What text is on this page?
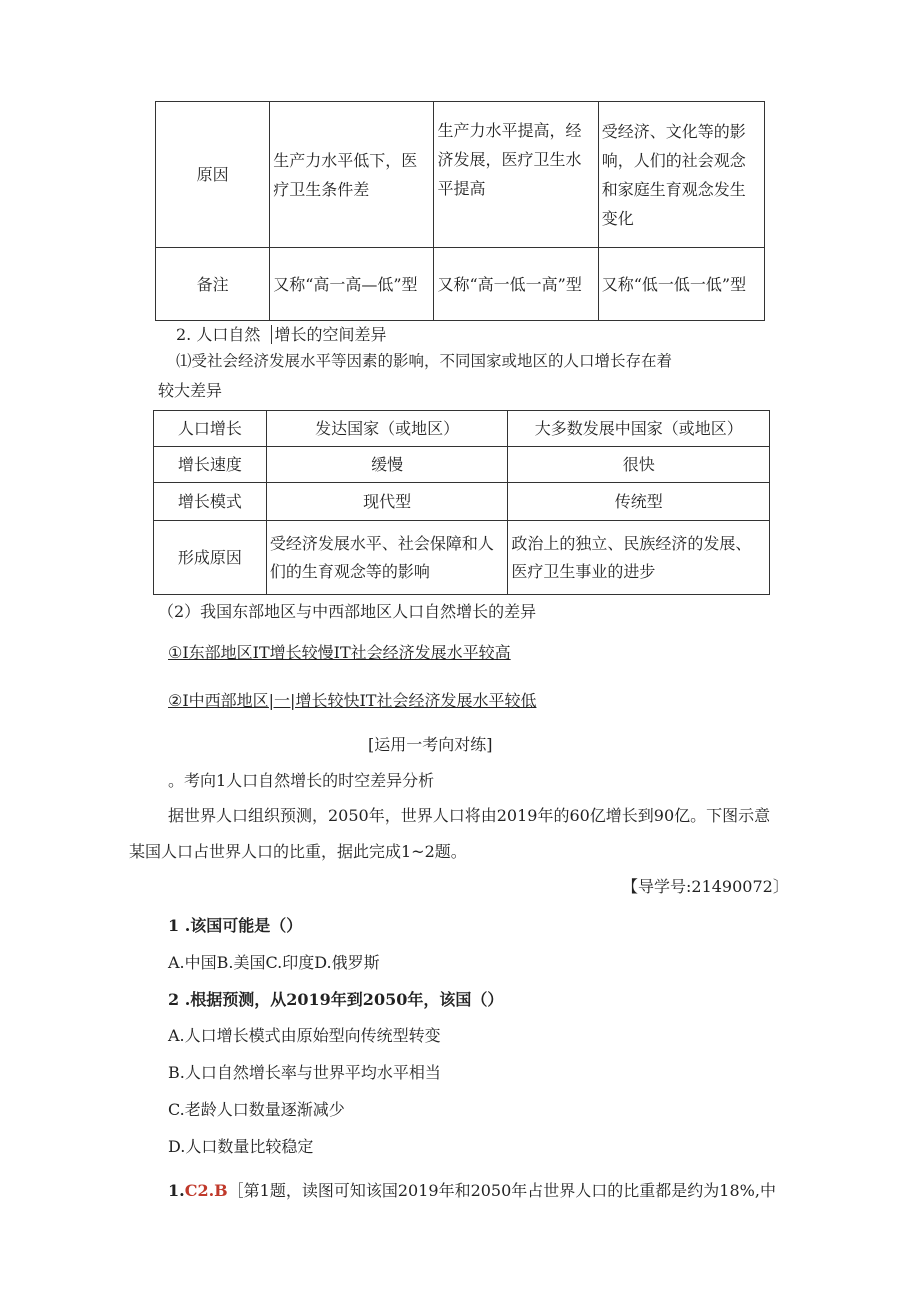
原因	生产力水平低下，医疗卫生条件差	生产力水平提高，经济发展，医疗卫生水平提高	受经济、文化等的影响，人们的社会观念和家庭生育观念发生变化
备注	又称“高一高—低”型	又称“高一低一高”型	又称“低一低一低”型
2. 人口自然 增长的空间差异
⑴受社会经济发展水平等因素的影响，不同国家或地区的人口增长存在着
较大差异
人口增长	发达国家（或地区）	大多数发展中国家（或地区）
增长速度	缓慢	很快
增长模式	现代型	传统型
形成原因	受经济发展水平、社会保障和人们的生育观念等的影响	政治上的独立、民族经济的发展、医疗卫生事业的进步
（2）我国东部地区与中西部地区人口自然增长的差异
①I东部地区IT增长较慢IT社会经济发展水平较高
②I中西部地区|一|增长较快IT社会经济发展水平较低
[运用一考向对练]
。考向1人口自然增长的时空差异分析
据世界人口组织预测，2050年，世界人口将由2019年的60亿增长到90亿。下图示意
某国人口占世界人口的比重，据此完成1~2题。
【导学号:21490072〕
1 .该国可能是（）
A.中国B.美国C.印度D.俄罗斯
2 .根据预测，从2019年到2050年，该国（）
A.人口增长模式由原始型向传统型转变
B.人口自然增长率与世界平均水平相当
C.老龄人口数量逐渐减少
D.人口数量比较稳定
1.C2.B［第1题，读图可知该国2019年和2050年占世界人口的比重都是约为18%,中
